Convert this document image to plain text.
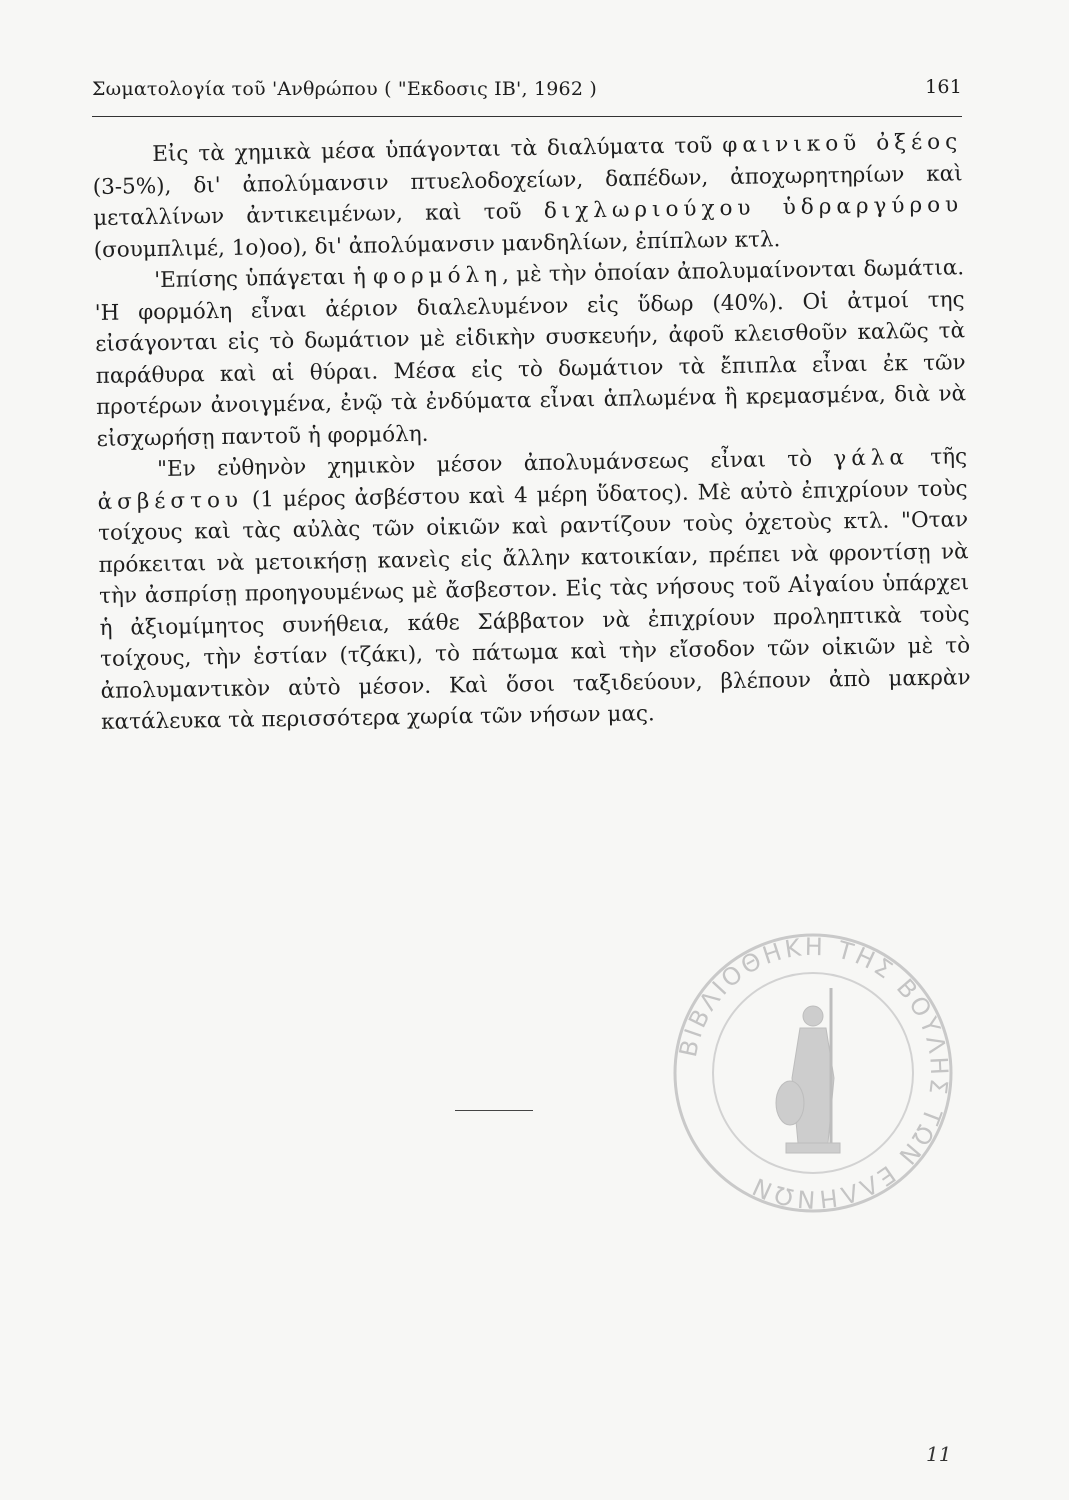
Σωματολογία τοῦ 'Ανθρώπου ( "Εκδοσις ΙΒ', 1962 )	161

Εἰς τὰ χημικὰ μέσα ὑπάγονται τὰ διαλύματα τοῦ φαινικοῦ ὀξέος (3-5%), δι' ἀπολύμανσιν πτυελοδοχείων, δαπέδων, ἀποχωρητηρίων καὶ μεταλλίνων ἀντικειμένων, καὶ τοῦ διχλωριούχου ὑδραργύρου (σουμπλιμέ, 1ο)οο), δι' ἀπολύμανσιν μανδηλίων, ἐπίπλων κτλ.

'Επίσης ὑπάγεται ἡ φορμόλη, μὲ τὴν ὁποίαν ἀπολυμαίνονται δωμάτια. 'Η φορμόλη εἶναι ἀέριον διαλελυμένον εἰς ὕδωρ (40%). Οἱ ἀτμοί της εἰσάγονται εἰς τὸ δωμάτιον μὲ εἰδικὴν συσκευήν, ἀφοῦ κλεισθοῦν καλῶς τὰ παράθυρα καὶ αἱ θύραι. Μέσα εἰς τὸ δωμάτιον τὰ ἔπιπλα εἶναι ἐκ τῶν προτέρων ἀνοιγμένα, ἐνῷ τὰ ἐνδύματα εἶναι ἁπλωμένα ἢ κρεμασμένα, διὰ νὰ εἰσχωρήσῃ παντοῦ ἡ φορμόλη.

"Εν εὐθηνὸν χημικὸν μέσον ἀπολυμάνσεως εἶναι τὸ γάλα τῆς ἀσβέστου (1 μέρος ἀσβέστου καὶ 4 μέρη ὕδατος). Μὲ αὐτὸ ἐπιχρίουν τοὺς τοίχους καὶ τὰς αὐλὰς τῶν οἰκιῶν καὶ ραντίζουν τοὺς ὀχετοὺς κτλ. "Οταν πρόκειται νὰ μετοικήσῃ κανεὶς εἰς ἄλλην κατοικίαν, πρέπει νὰ φροντίσῃ νὰ τὴν ἀσπρίσῃ προηγουμένως μὲ ἄσβεστον. Εἰς τὰς νήσους τοῦ Αἰγαίου ὑπάρχει ἡ ἀξιομίμητος συνήθεια, κάθε Σάββατον νὰ ἐπιχρίουν προληπτικὰ τοὺς τοίχους, τὴν ἑστίαν (τζάκι), τὸ πάτωμα καὶ τὴν εἴσοδον τῶν οἰκιῶν μὲ τὸ ἀπολυμαντικὸν αὐτὸ μέσον. Καὶ ὅσοι ταξιδεύουν, βλέπουν ἀπὸ μακρὰν κατάλευκα τὰ περισσότερα χωρία τῶν νήσων μας.

ΒΙΒΛΙΟΘΗΚΗ ΤΗΣ ΒΟΥΛΗΣ ΤΩΝ ΕΛΛΗΝΩΝ
11
